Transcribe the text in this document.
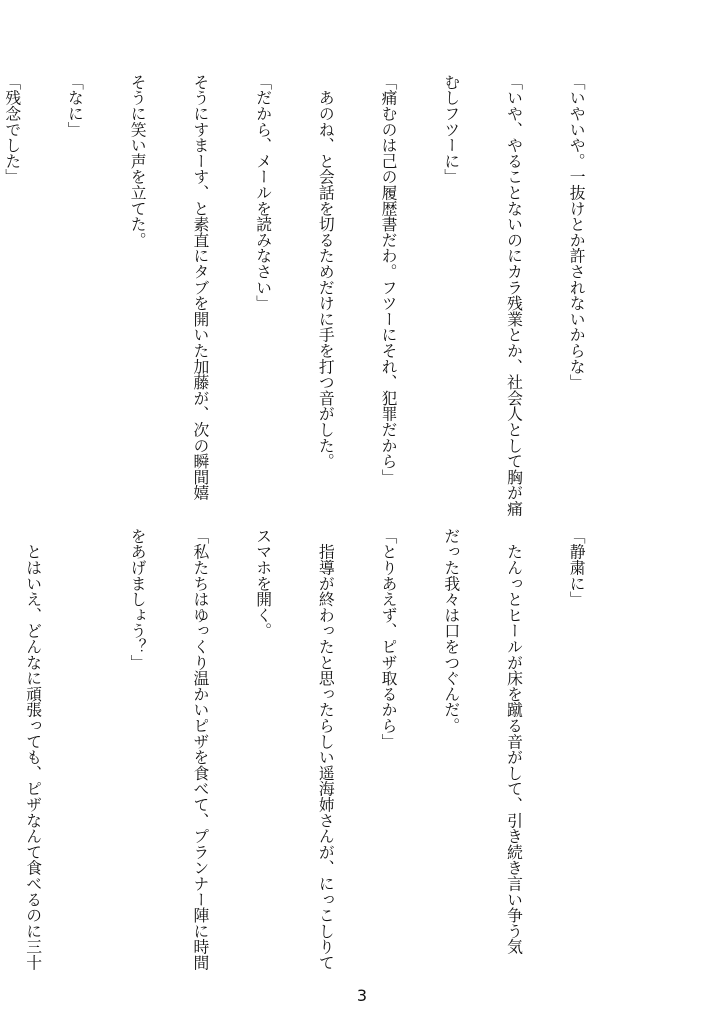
「いやいや。一抜けとか許されないからな」

「いや、やることないのにカラ残業とか、社会人として胸が痛

むしフツーに」

「痛むのは己の履歴書だわ。フツーにそれ、犯罪だから」

　あのね、と会話を切るためだけに手を打つ音がした。

「だから、メールを読みなさい」

そうにすまーす、と素直にタブを開いた加藤が、次の瞬間嬉

そうに笑い声を立てた。

「なに」

「残念でした」

「静粛に」

　たんっとヒールが床を蹴る音がして、引き続き言い争う気

だった我々は口をつぐんだ。

「とりあえず、ピザ取るから」

　指導が終わったと思ったらしい遥海姉さんが、にっこしりて

スマホを開く。

「私たちはゆっくり温かいピザを食べて、プランナー陣に時間

をあげましょう？」

　とはいえ、どんなに頑張っても、ピザなんて食べるのに三十

3
